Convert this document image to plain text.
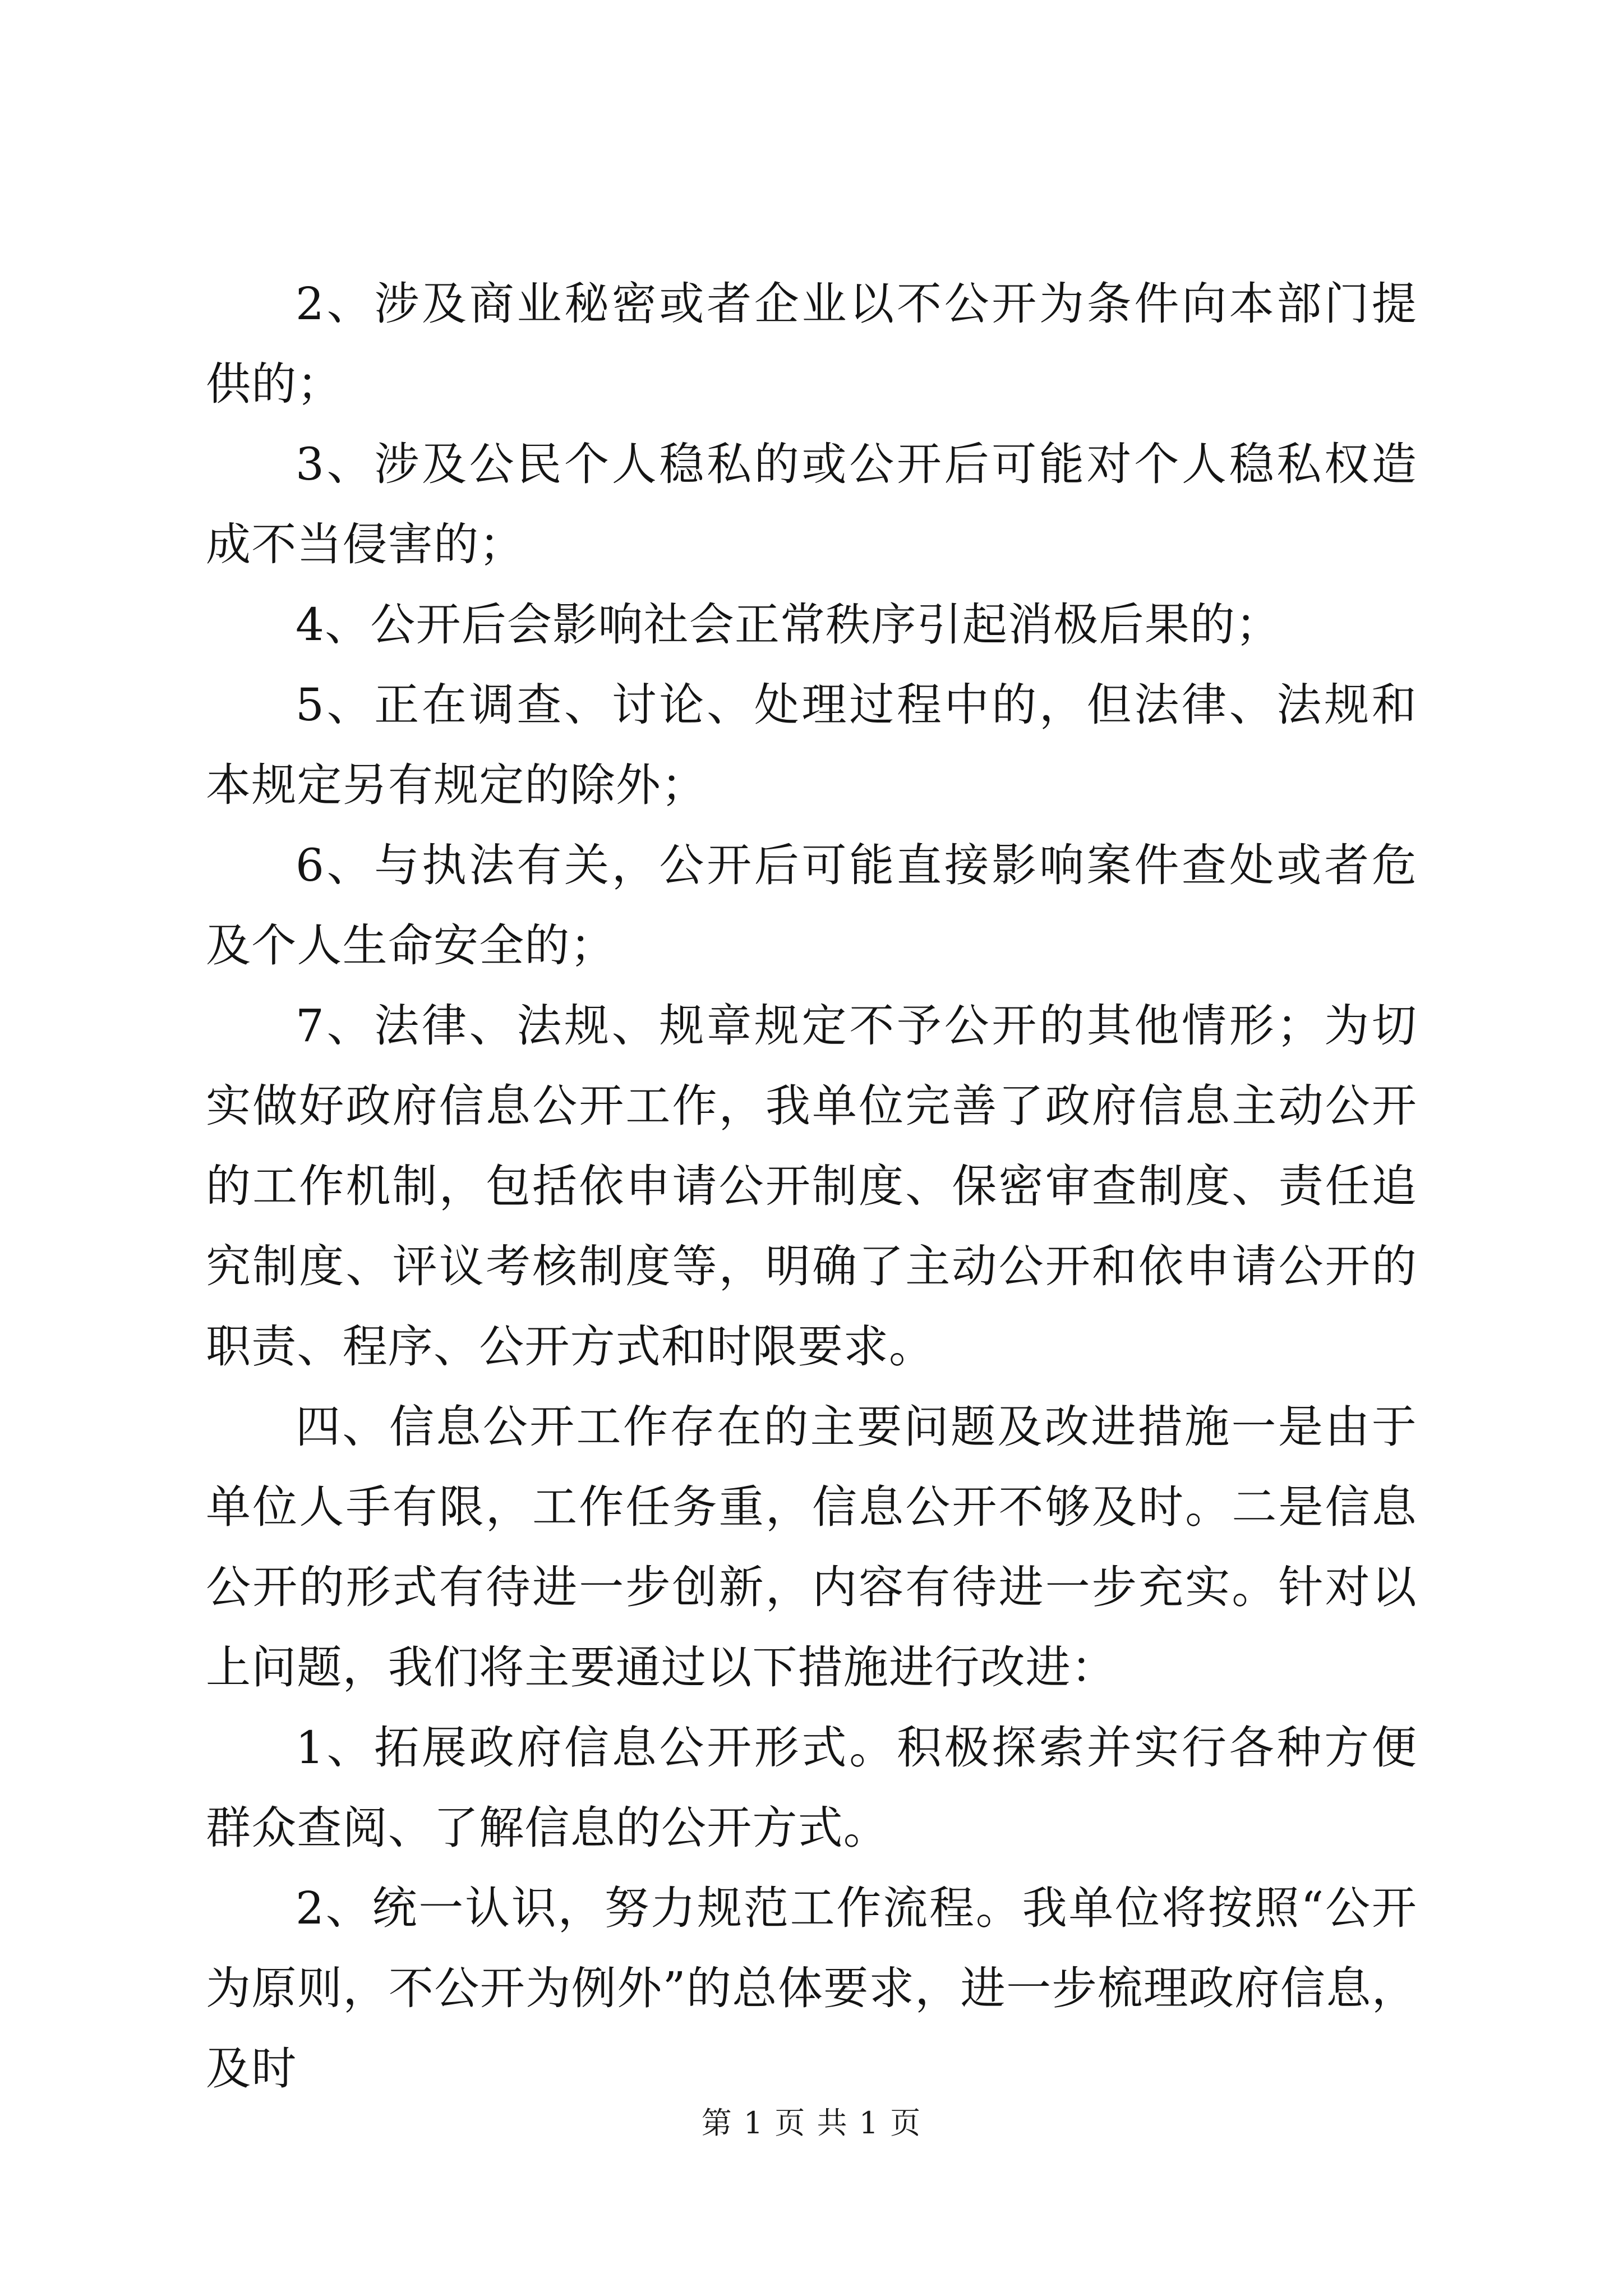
2、涉及商业秘密或者企业以不公开为条件向本部门提供的；

3、涉及公民个人稳私的或公开后可能对个人稳私权造成不当侵害的；

4、公开后会影响社会正常秩序引起消极后果的；

5、正在调查、讨论、处理过程中的，但法律、法规和本规定另有规定的除外；

6、与执法有关，公开后可能直接影响案件查处或者危及个人生命安全的；

7、法律、法规、规章规定不予公开的其他情形；为切实做好政府信息公开工作，我单位完善了政府信息主动公开的工作机制，包括依申请公开制度、保密审查制度、责任追究制度、评议考核制度等，明确了主动公开和依申请公开的职责、程序、公开方式和时限要求。

四、信息公开工作存在的主要问题及改进措施一是由于单位人手有限，工作任务重，信息公开不够及时。二是信息公开的形式有待进一步创新，内容有待进一步充实。针对以上问题，我们将主要通过以下措施进行改进：

1、拓展政府信息公开形式。积极探索并实行各种方便群众查阅、了解信息的公开方式。

2、统一认识，努力规范工作流程。我单位将按照“公开为原则，不公开为例外”的总体要求，进一步梳理政府信息，及时

第 1 页 共 1 页
